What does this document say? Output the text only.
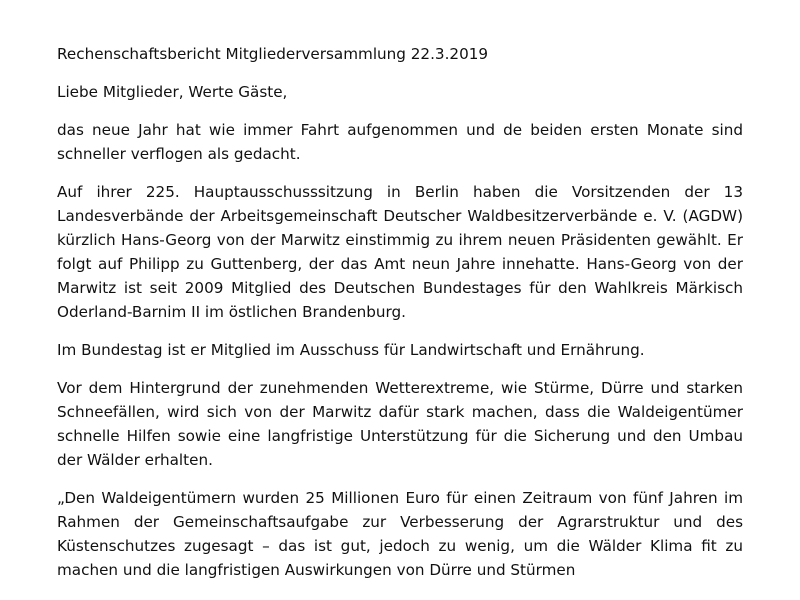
Rechenschaftsbericht Mitgliederversammlung 22.3.2019

Liebe Mitglieder, Werte Gäste,

das neue Jahr hat wie immer Fahrt aufgenommen und de beiden ersten Monate sind schneller verflogen als gedacht.

Auf ihrer 225. Hauptausschusssitzung in Berlin haben die Vorsitzenden der 13 Landesverbände der Arbeitsgemeinschaft Deutscher Waldbesitzerverbände e. V. (AGDW) kürzlich Hans-Georg von der Marwitz einstimmig zu ihrem neuen Präsidenten gewählt. Er folgt auf Philipp zu Guttenberg, der das Amt neun Jahre innehatte. Hans-Georg von der Marwitz ist seit 2009 Mitglied des Deutschen Bundestages für den Wahlkreis Märkisch Oderland-Barnim II im östlichen Brandenburg.

Im Bundestag ist er Mitglied im Ausschuss für Landwirtschaft und Ernährung.

Vor dem Hintergrund der zunehmenden Wetterextreme, wie Stürme, Dürre und starken Schneefällen, wird sich von der Marwitz dafür stark machen, dass die Waldeigentümer schnelle Hilfen sowie eine langfristige Unterstützung für die Sicherung und den Umbau der Wälder erhalten.

„Den Waldeigentümern wurden 25 Millionen Euro für einen Zeitraum von fünf Jahren im Rahmen der Gemeinschaftsaufgabe zur Verbesserung der Agrarstruktur und des Küstenschutzes zugesagt – das ist gut, jedoch zu wenig, um die Wälder Klima fit zu machen und die langfristigen Auswirkungen von Dürre und Stürmen
